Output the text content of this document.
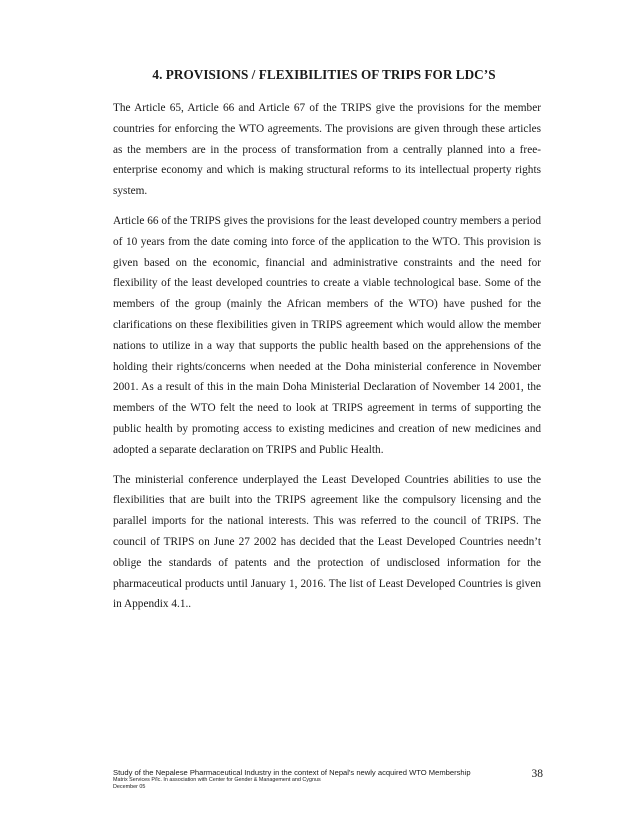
4. PROVISIONS / FLEXIBILITIES OF TRIPS FOR LDC’S

The Article 65, Article 66 and Article 67 of the TRIPS give the provisions for the member countries for enforcing the WTO agreements. The provisions are given through these articles as the members are in the process of transformation from a centrally planned into a free-enterprise economy and which is making structural reforms to its intellectual property rights system.

Article 66 of the TRIPS gives the provisions for the least developed country members a period of 10 years from the date coming into force of the application to the WTO. This provision is given based on the economic, financial and administrative constraints and the need for flexibility of the least developed countries to create a viable technological base. Some of the members of the group (mainly the African members of the WTO) have pushed for the clarifications on these flexibilities given in TRIPS agreement which would allow the member nations to utilize in a way that supports the public health based on the apprehensions of the holding their rights/concerns when needed at the Doha ministerial conference in November 2001. As a result of this in the main Doha Ministerial Declaration of November 14 2001, the members of the WTO felt the need to look at TRIPS agreement in terms of supporting the public health by promoting access to existing medicines and creation of new medicines and adopted a separate declaration on TRIPS and Public Health.

The ministerial conference underplayed the Least Developed Countries abilities to use the flexibilities that are built into the TRIPS agreement like the compulsory licensing and the parallel imports for the national interests. This was referred to the council of TRIPS. The council of TRIPS on June 27 2002 has decided that the Least Developed Countries needn’t oblige the standards of patents and the protection of undisclosed information for the pharmaceutical products until January 1, 2016. The list of Least Developed Countries is given in Appendix 4.1..

Study of the Nepalese Pharmaceutical Industry in the context of Nepal's newly acquired WTO Membership
Matrix Services P/lc. In association with Center for Gender & Management and Cygnus
December 05
38
